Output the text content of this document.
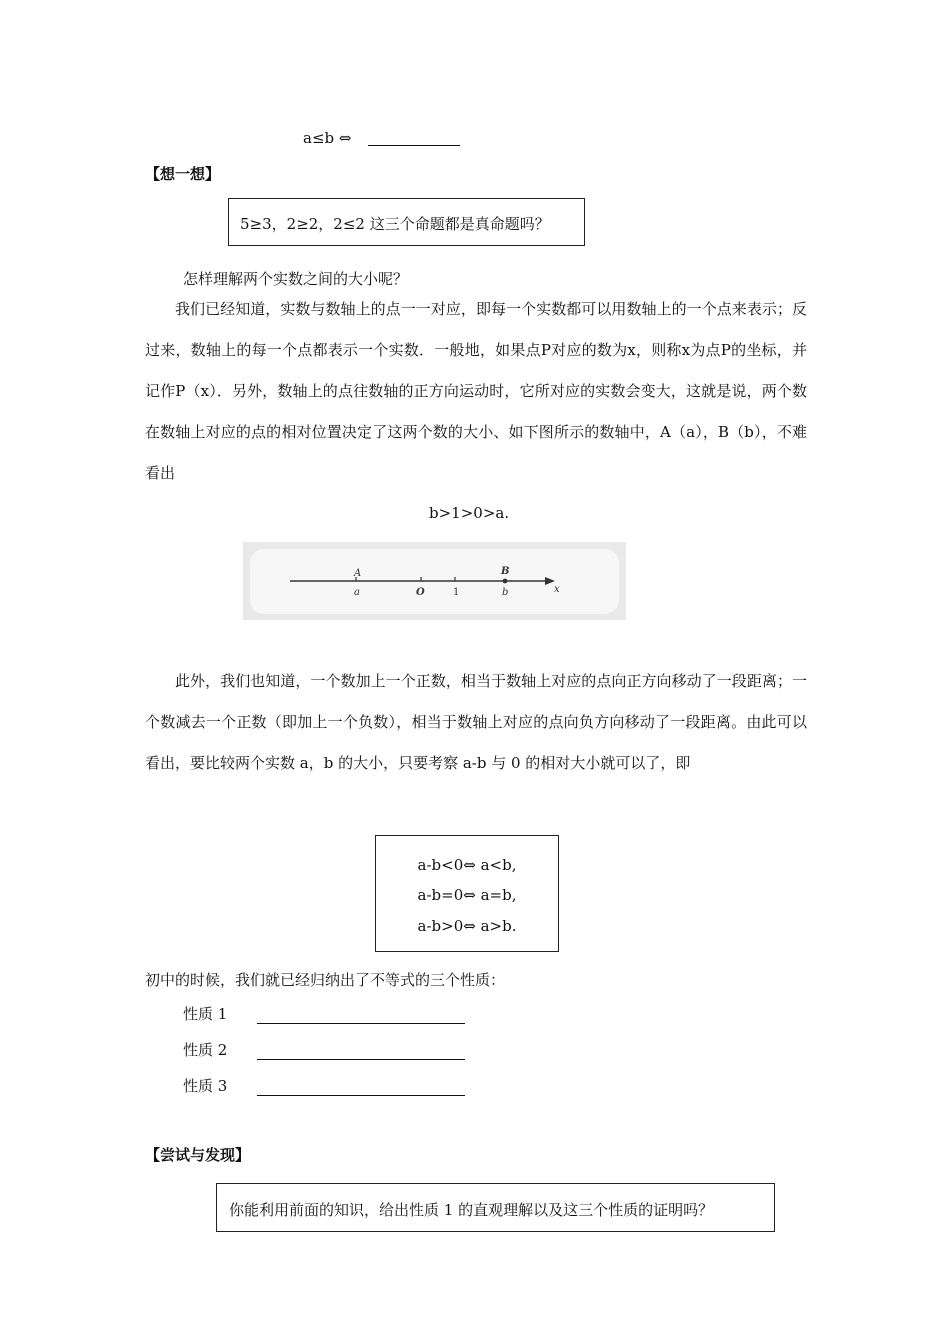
a≤b ⇔
【想一想】
5≥3，2≥2，2≤2 这三个命题都是真命题吗？
怎样理解两个实数之间的大小呢？

我们已经知道，实数与数轴上的点一一对应，即每一个实数都可以用数轴上的一个点来表示；反过来，数轴上的每一个点都表示一个实数．一般地，如果点P对应的数为x，则称x为点P的坐标，并记作P（x）．另外，数轴上的点往数轴的正方向运动时，它所对应的实数会变大，这就是说，两个数在数轴上对应的点的相对位置决定了这两个数的大小、如下图所示的数轴中，A（a），B（b），不难看出

b>1>0>a.
A
a	O	1
B
b	x

此外，我们也知道，一个数加上一个正数，相当于数轴上对应的点向正方向移动了一段距离；一个数减去一个正数（即加上一个负数），相当于数轴上对应的点向负方向移动了一段距离。由此可以看出，要比较两个实数 a，b 的大小，只要考察 a-b 与 0 的相对大小就可以了，即

a-b<0⇔ a<b,
a-b=0⇔ a=b,
a-b>0⇔ a>b.
初中的时候，我们就已经归纳出了不等式的三个性质：
性质 1
性质 2
性质 3
【尝试与发现】
你能利用前面的知识，给出性质 1 的直观理解以及这三个性质的证明吗？
